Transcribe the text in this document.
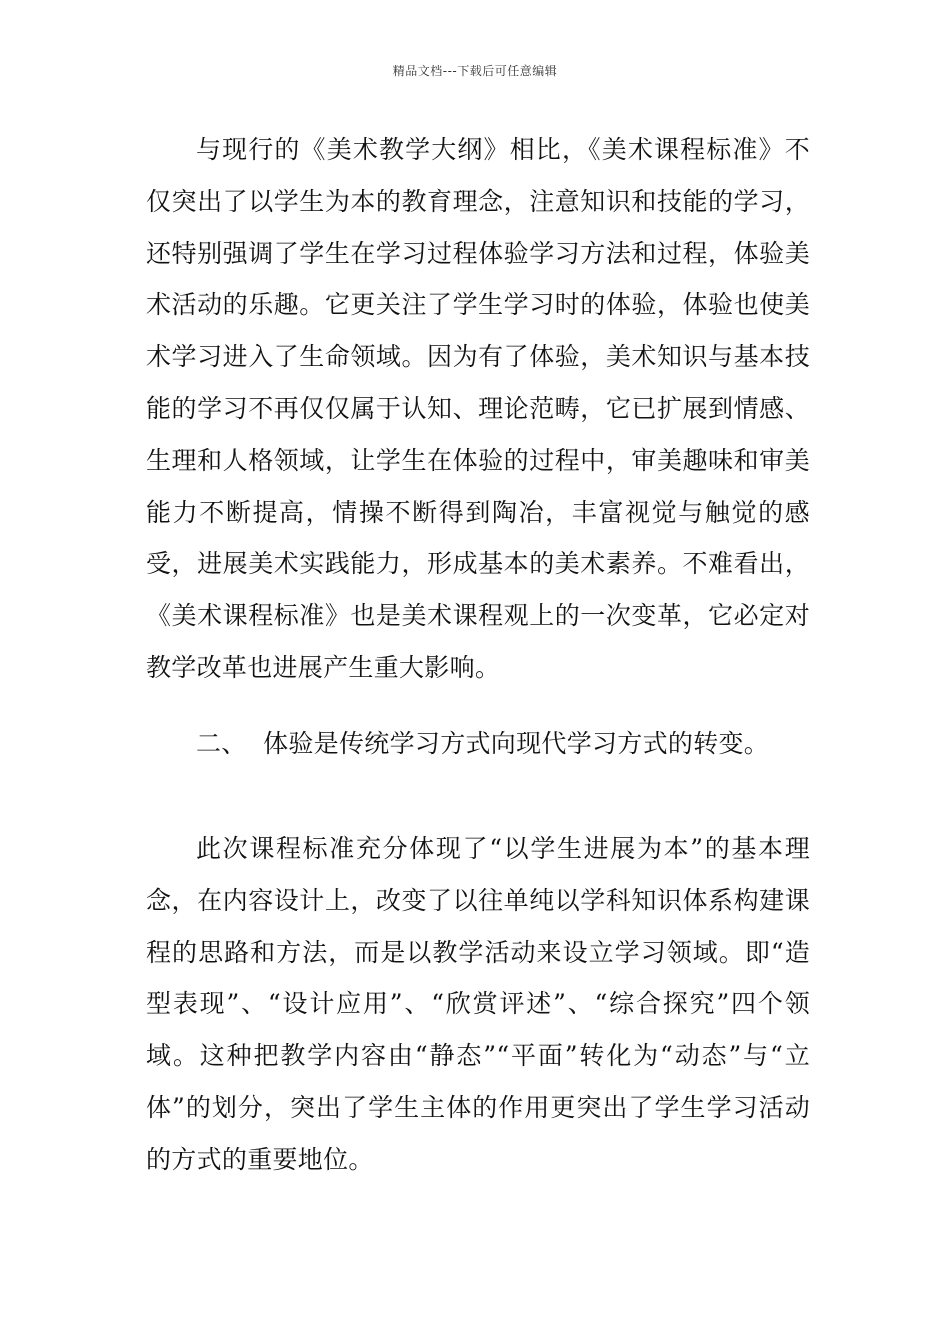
精品文档---下载后可任意编辑

与现行的《美术教学大纲》相比，《美术课程标准》不仅突出了以学生为本的教育理念，注意知识和技能的学习，还特别强调了学生在学习过程体验学习方法和过程，体验美术活动的乐趣。它更关注了学生学习时的体验，体验也使美术学习进入了生命领域。因为有了体验，美术知识与基本技能的学习不再仅仅属于认知、理论范畴，它已扩展到情感、生理和人格领域，让学生在体验的过程中，审美趣味和审美能力不断提高，情操不断得到陶冶，丰富视觉与触觉的感受，进展美术实践能力，形成基本的美术素养。不难看出，《美术课程标准》也是美术课程观上的一次变革，它必定对教学改革也进展产生重大影响。

二、  体验是传统学习方式向现代学习方式的转变。

此次课程标准充分体现了“以学生进展为本”的基本理念，在内容设计上，改变了以往单纯以学科知识体系构建课程的思路和方法，而是以教学活动来设立学习领域。即“造型表现”、“设计应用”、“欣赏评述”、“综合探究”四个领域。这种把教学内容由“静态”“平面”转化为“动态”与“立体”的划分，突出了学生主体的作用更突出了学生学习活动的方式的重要地位。
